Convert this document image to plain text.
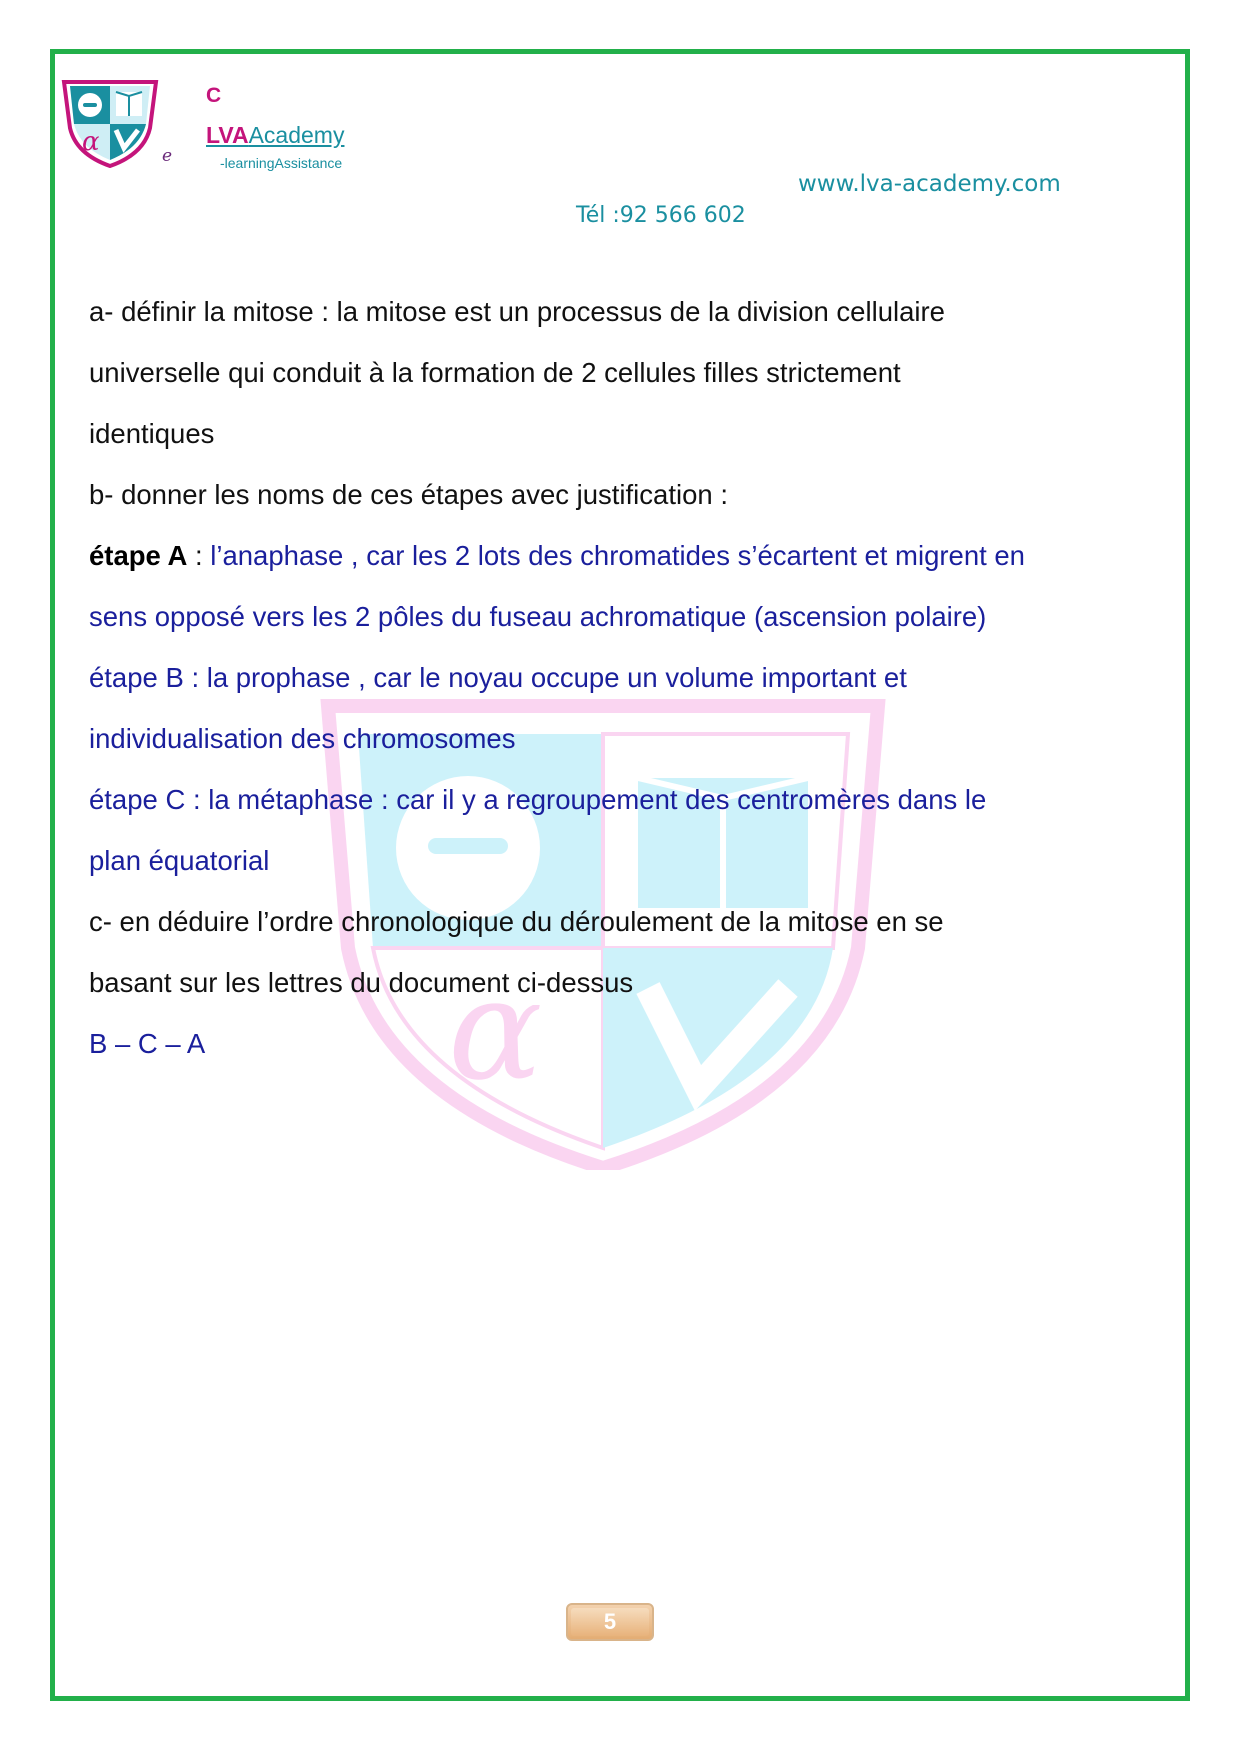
α	e
C
LVAAcademy
-learningAssistance
www.lva-academy.com
Tél :92 566 602
α

a- définir la mitose : la mitose est un processus de la division cellulaire

universelle qui conduit à la formation de 2 cellules filles strictement

identiques

b- donner les noms de ces étapes avec justification :

étape A : l’anaphase , car les 2 lots des chromatides s’écartent et migrent en

sens opposé vers les 2 pôles du fuseau achromatique (ascension polaire)

étape B : la prophase , car le noyau occupe un volume important et

individualisation des chromosomes

étape C : la métaphase : car il y a regroupement des centromères dans le

plan équatorial

c- en déduire l’ordre chronologique du déroulement de la mitose en se

basant sur les lettres du document ci-dessus

B – C – A

5
